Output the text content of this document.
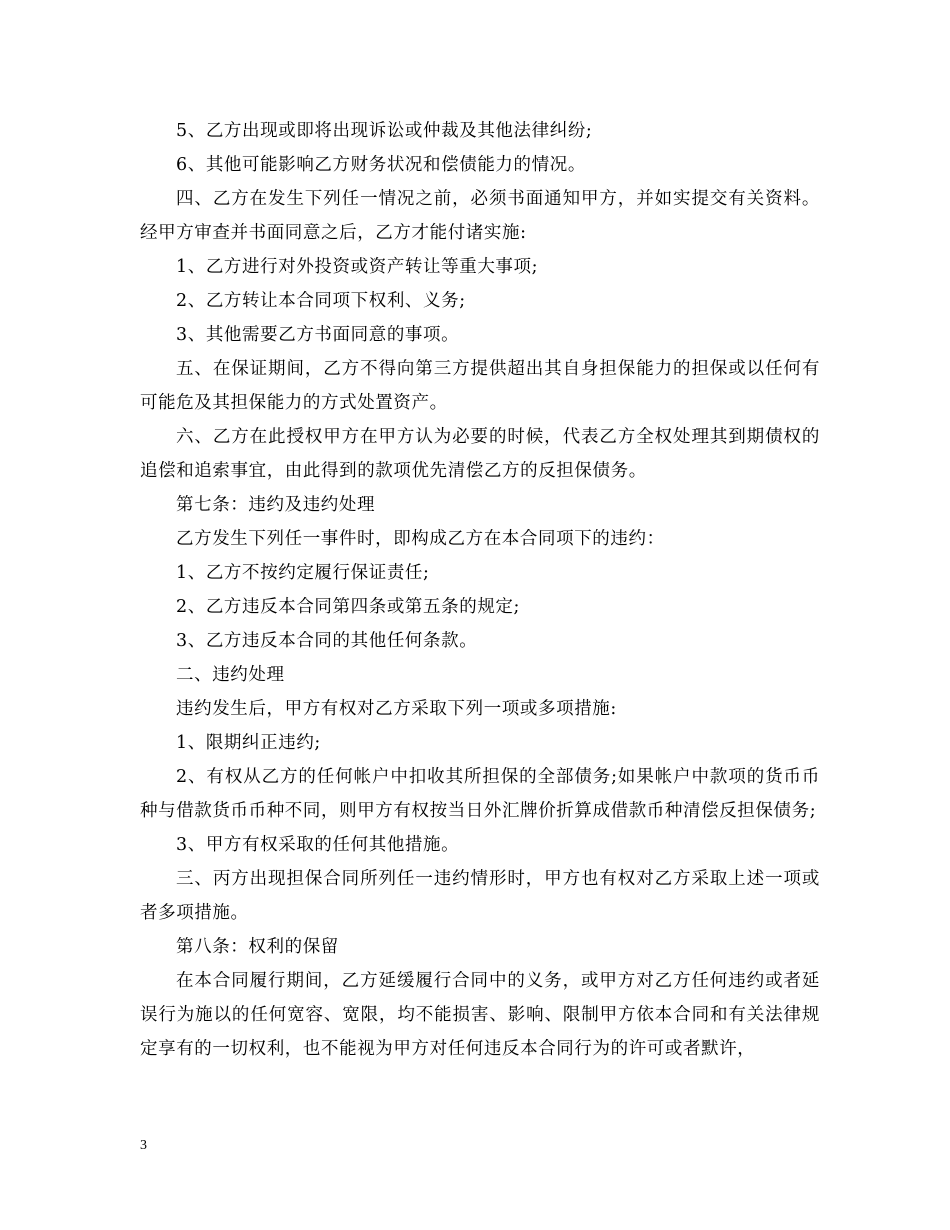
5、乙方出现或即将出现诉讼或仲裁及其他法律纠纷;

6、其他可能影响乙方财务状况和偿债能力的情况。

四、乙方在发生下列任一情况之前，必须书面通知甲方，并如实提交有关资料。经甲方审查并书面同意之后，乙方才能付诸实施:

1、乙方进行对外投资或资产转让等重大事项;

2、乙方转让本合同项下权利、义务;

3、其他需要乙方书面同意的事项。

五、在保证期间，乙方不得向第三方提供超出其自身担保能力的担保或以任何有可能危及其担保能力的方式处置资产。

六、乙方在此授权甲方在甲方认为必要的时候，代表乙方全权处理其到期债权的追偿和追索事宜，由此得到的款项优先清偿乙方的反担保债务。

第七条：违约及违约处理

乙方发生下列任一事件时，即构成乙方在本合同项下的违约：

1、乙方不按约定履行保证责任;

2、乙方违反本合同第四条或第五条的规定;

3、乙方违反本合同的其他任何条款。

二、违约处理

违约发生后，甲方有权对乙方采取下列一项或多项措施:

1、限期纠正违约;

2、有权从乙方的任何帐户中扣收其所担保的全部债务;如果帐户中款项的货币币种与借款货币币种不同，则甲方有权按当日外汇牌价折算成借款币种清偿反担保债务;

3、甲方有权采取的任何其他措施。

三、丙方出现担保合同所列任一违约情形时，甲方也有权对乙方采取上述一项或者多项措施。

第八条：权利的保留

在本合同履行期间，乙方延缓履行合同中的义务，或甲方对乙方任何违约或者延误行为施以的任何宽容、宽限，均不能损害、影响、限制甲方依本合同和有关法律规定享有的一切权利，也不能视为甲方对任何违反本合同行为的许可或者默许，

3
